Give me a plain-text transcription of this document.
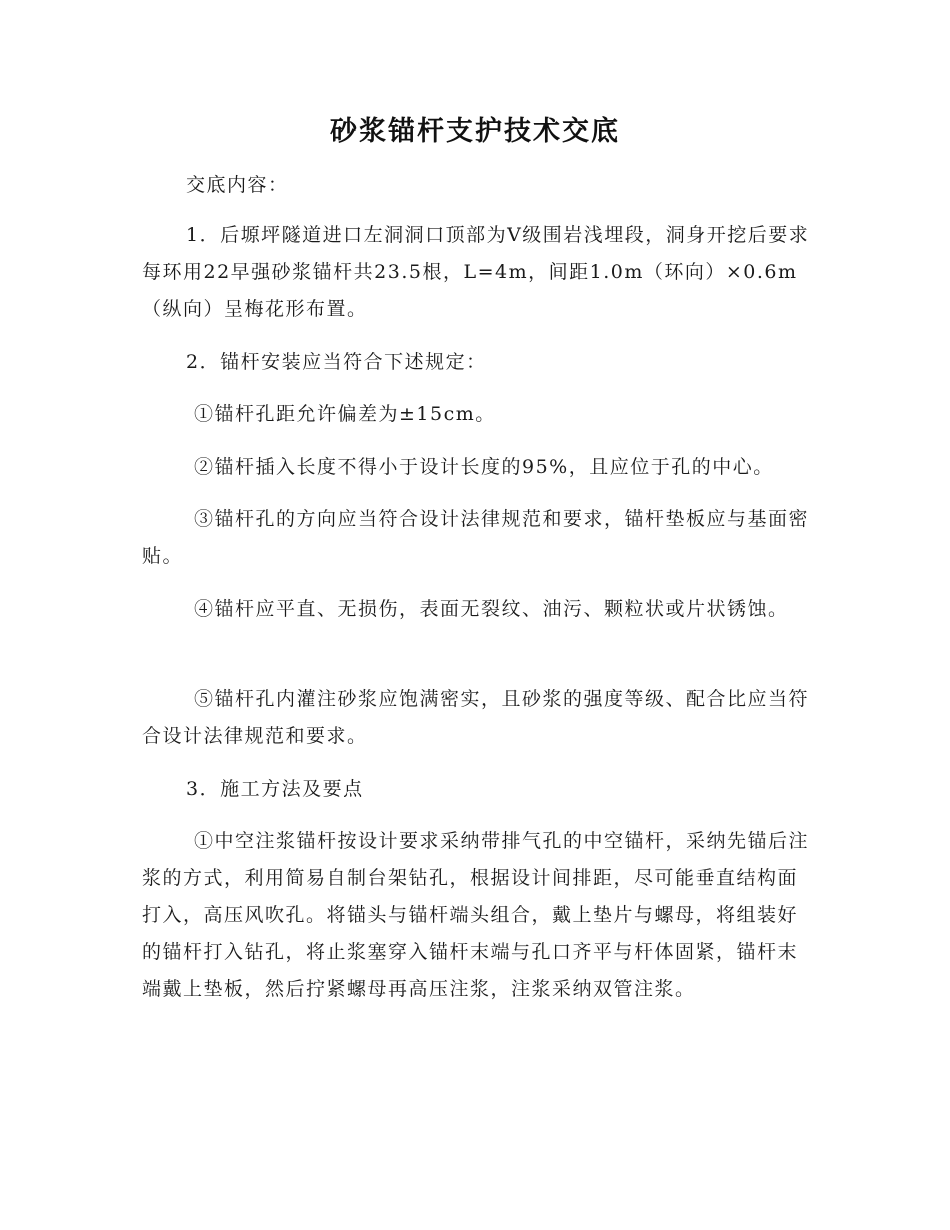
砂浆锚杆支护技术交底

交底内容：

1．后塬坪隧道进口左洞洞口顶部为Ⅴ级围岩浅埋段，洞身开挖后要求每环用22早强砂浆锚杆共23.5根，L=4m，间距1.0m（环向）×0.6m（纵向）呈梅花形布置。

2．锚杆安装应当符合下述规定：

①锚杆孔距允许偏差为±15cm。

②锚杆插入长度不得小于设计长度的95%，且应位于孔的中心。

③锚杆孔的方向应当符合设计法律规范和要求，锚杆垫板应与基面密贴。

④锚杆应平直、无损伤，表面无裂纹、油污、颗粒状或片状锈蚀。

⑤锚杆孔内灌注砂浆应饱满密实，且砂浆的强度等级、配合比应当符合设计法律规范和要求。

3．施工方法及要点

①中空注浆锚杆按设计要求采纳带排气孔的中空锚杆，采纳先锚后注浆的方式，利用简易自制台架钻孔，根据设计间排距，尽可能垂直结构面打入，高压风吹孔。将锚头与锚杆端头组合，戴上垫片与螺母，将组装好的锚杆打入钻孔，将止浆塞穿入锚杆末端与孔口齐平与杆体固紧，锚杆末端戴上垫板，然后拧紧螺母再高压注浆，注浆采纳双管注浆。
